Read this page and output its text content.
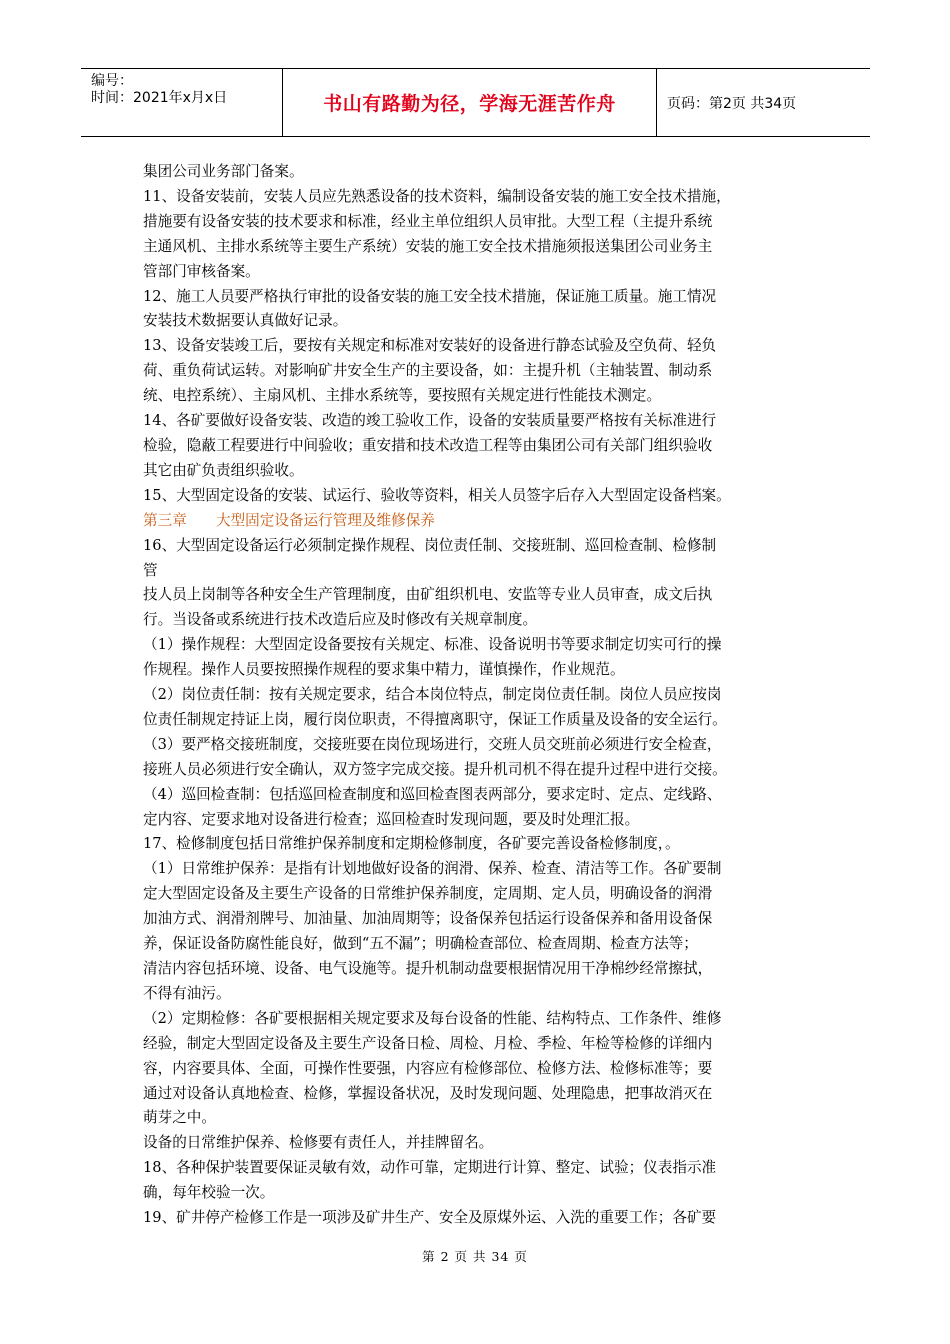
编号：
时间：2021年x月x日	书山有路勤为径，学海无涯苦作舟	页码：第2页 共34页

集团公司业务部门备案。

11、设备安装前，安装人员应先熟悉设备的技术资料，编制设备安装的施工安全技术措施，

措施要有设备安装的技术要求和标准，经业主单位组织人员审批。大型工程（主提升系统

主通风机、主排水系统等主要生产系统）安装的施工安全技术措施须报送集团公司业务主

管部门审核备案。

12、施工人员要严格执行审批的设备安装的施工安全技术措施，保证施工质量。施工情况

安装技术数据要认真做好记录。

13、设备安装竣工后，要按有关规定和标准对安装好的设备进行静态试验及空负荷、轻负

荷、重负荷试运转。对影响矿井安全生产的主要设备，如：主提升机（主轴装置、制动系

统、电控系统）、主扇风机、主排水系统等，要按照有关规定进行性能技术测定。

14、各矿要做好设备安装、改造的竣工验收工作，设备的安装质量要严格按有关标准进行

检验，隐蔽工程要进行中间验收；重安措和技术改造工程等由集团公司有关部门组织验收

其它由矿负责组织验收。

15、大型固定设备的安装、试运行、验收等资料，相关人员签字后存入大型固定设备档案。

第三章　　大型固定设备运行管理及维修保养

16、大型固定设备运行必须制定操作规程、岗位责任制、交接班制、巡回检查制、检修制

管

技人员上岗制等各种安全生产管理制度，由矿组织机电、安监等专业人员审查，成文后执

行。当设备或系统进行技术改造后应及时修改有关规章制度。

（1）操作规程：大型固定设备要按有关规定、标准、设备说明书等要求制定切实可行的操

作规程。操作人员要按照操作规程的要求集中精力，谨慎操作，作业规范。

（2）岗位责任制：按有关规定要求，结合本岗位特点，制定岗位责任制。岗位人员应按岗

位责任制规定持证上岗，履行岗位职责，不得擅离职守，保证工作质量及设备的安全运行。

（3）要严格交接班制度，交接班要在岗位现场进行，交班人员交班前必须进行安全检查，

接班人员必须进行安全确认，双方签字完成交接。提升机司机不得在提升过程中进行交接。

（4）巡回检查制：包括巡回检查制度和巡回检查图表两部分，要求定时、定点、定线路、

定内容、定要求地对设备进行检查；巡回检查时发现问题，要及时处理汇报。

17、检修制度包括日常维护保养制度和定期检修制度，各矿要完善设备检修制度，。

（1）日常维护保养：是指有计划地做好设备的润滑、保养、检查、清洁等工作。各矿要制

定大型固定设备及主要生产设备的日常维护保养制度，定周期、定人员，明确设备的润滑

加油方式、润滑剂牌号、加油量、加油周期等；设备保养包括运行设备保养和备用设备保

养，保证设备防腐性能良好，做到“五不漏”；明确检查部位、检查周期、检查方法等；

清洁内容包括环境、设备、电气设施等。提升机制动盘要根据情况用干净棉纱经常擦拭，

不得有油污。

（2）定期检修：各矿要根据相关规定要求及每台设备的性能、结构特点、工作条件、维修

经验，制定大型固定设备及主要生产设备日检、周检、月检、季检、年检等检修的详细内

容，内容要具体、全面，可操作性要强，内容应有检修部位、检修方法、检修标准等；要

通过对设备认真地检查、检修，掌握设备状况，及时发现问题、处理隐患，把事故消灭在

萌芽之中。

设备的日常维护保养、检修要有责任人，并挂牌留名。

18、各种保护装置要保证灵敏有效，动作可靠，定期进行计算、整定、试验；仪表指示准

确，每年校验一次。

19、矿井停产检修工作是一项涉及矿井生产、安全及原煤外运、入洗的重要工作；各矿要

第 2 页 共 34 页
